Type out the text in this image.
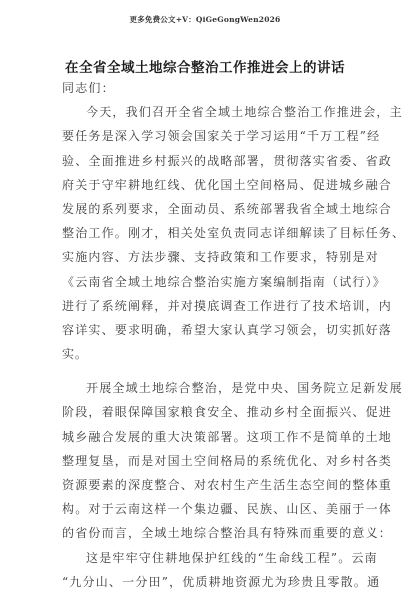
更多免费公文+V：QiGeGongWen2026
在全省全域土地综合整治工作推进会上的讲话
同志们：
今天，我们召开全省全域土地综合整治工作推进会，主
要任务是深入学习领会国家关于学习运用“千万工程”经
验、全面推进乡村振兴的战略部署，贯彻落实省委、省政
府关于守牢耕地红线、优化国土空间格局、促进城乡融合
发展的系列要求，全面动员、系统部署我省全域土地综合
整治工作。刚才，相关处室负责同志详细解读了目标任务、
实施内容、方法步骤、支持政策和工作要求，特别是对
《云南省全域土地综合整治实施方案编制指南（试行）》
进行了系统阐释，并对摸底调查工作进行了技术培训，内
容详实、要求明确，希望大家认真学习领会，切实抓好落
实。
开展全域土地综合整治，是党中央、国务院立足新发展
阶段，着眼保障国家粮食安全、推动乡村全面振兴、促进
城乡融合发展的重大决策部署。这项工作不是简单的土地
整理复垦，而是对国土空间格局的系统优化、对乡村各类
资源要素的深度整合、对农村生产生活生态空间的整体重
构。对于云南这样一个集边疆、民族、山区、美丽于一体
的省份而言，全域土地综合整治具有特殊而重要的意义：
这是牢牢守住耕地保护红线的“生命线工程”。云南
“九分山、一分田”，优质耕地资源尤为珍贵且零散。通
